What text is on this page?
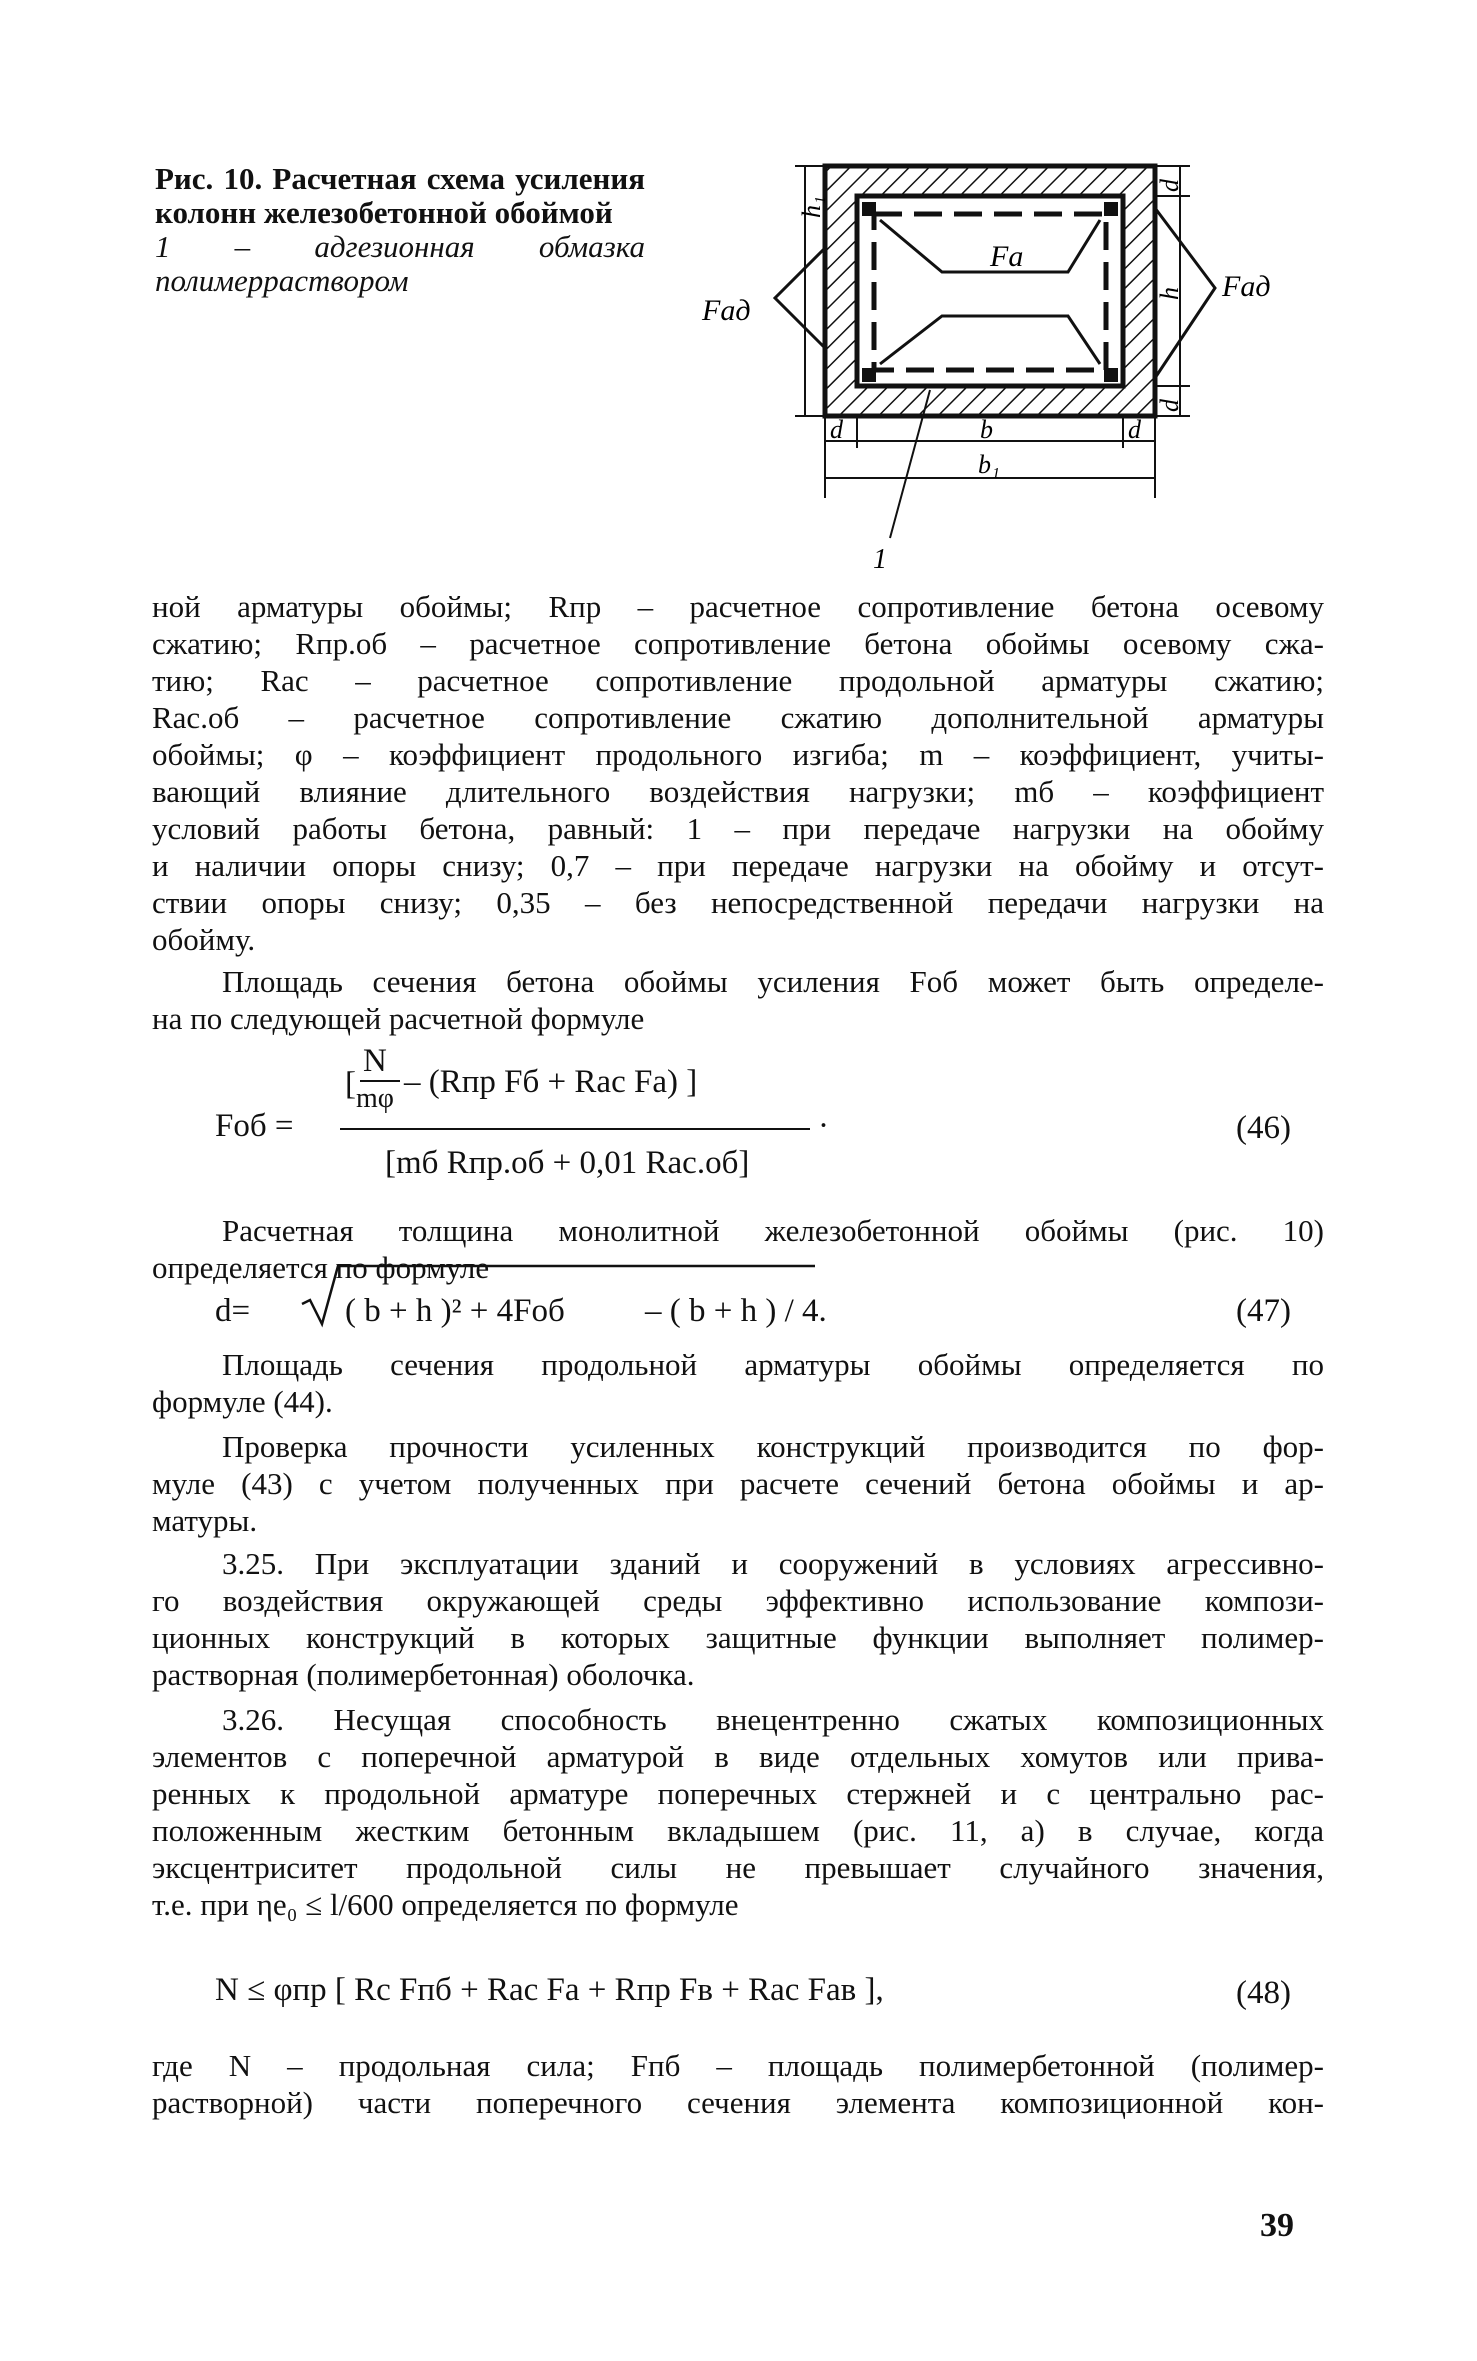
Рис. 10. Расчетная схема усиления колонн железобетонной обоймой
1 – адгезионная обмазка полимерраствором
Fа
Fад
Fад
h₁
d
h
d
d	b	d
b₁
1
ной арматуры обоймы; Rпр – расчетное сопротивление бетона осевому
сжатию; Rпр.об – расчетное сопротивление бетона обоймы осевому сжа-
тию; Rас – расчетное сопротивление продольной арматуры сжатию;
Rас.об – расчетное сопротивление сжатию дополнительной арматуры
обоймы; φ – коэффициент продольного изгиба; m – коэффициент, учиты-
вающий влияние длительного воздействия нагрузки; mб – коэффициент
условий работы бетона, равный: 1 – при передаче нагрузки на обойму
и наличии опоры снизу; 0,7 – при передаче нагрузки на обойму и отсут-
ствии опоры снизу; 0,35 – без непосредственной передачи нагрузки на
обойму.
Площадь сечения бетона обоймы усиления Fоб может быть определе-
на по следующей расчетной формуле
N
[ mφ – (Rпр Fб + Rас Fа) ]
Fоб =	·
[mб Rпр.об + 0,01 Rас.об]
(46)
Расчетная толщина монолитной железобетонной обоймы (рис. 10)
определяется по формуле
d=	( b + h )² + 4Fоб – ( b + h ) / 4.	(47)
Площадь сечения продольной арматуры обоймы определяется по
формуле (44).
Проверка прочности усиленных конструкций производится по фор-
муле (43) с учетом полученных при расчете сечений бетона обоймы и ар-
матуры.
3.25. При эксплуатации зданий и сооружений в условиях агрессивно-
го воздействия окружающей среды эффективно использование компози-
ционных конструкций в которых защитные функции выполняет полимер-
растворная (полимербетонная) оболочка.
3.26. Несущая способность внецентренно сжатых композиционных
элементов с поперечной арматурой в виде отдельных хомутов или прива-
ренных к продольной арматуре поперечных стержней и с центрально рас-
положенным жестким бетонным вкладышем (рис. 11, а) в случае, когда
эксцентриситет продольной силы не превышает случайного значения,
т.е. при ηe₀ ≤ l/600 определяется по формуле
N ≤ φпр [ Rс Fпб + Rас Fа + Rпр Fв + Rас Fав ],	(48)
где N – продольная сила; Fпб – площадь полимербетонной (полимер-
растворной) части поперечного сечения элемента композиционной кон-
39
